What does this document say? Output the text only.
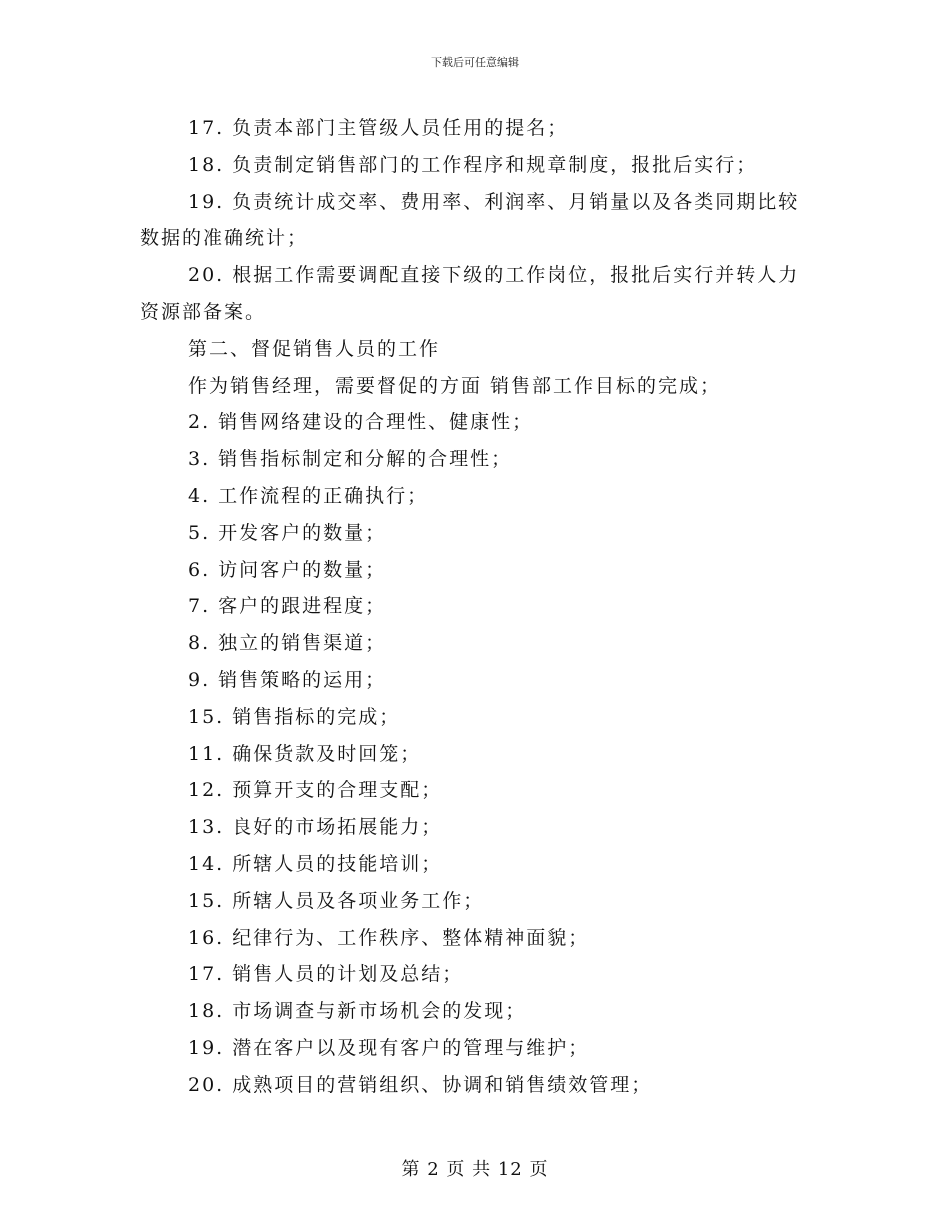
下载后可任意编辑

17. 负责本部门主管级人员任用的提名；

18. 负责制定销售部门的工作程序和规章制度，报批后实行；

19. 负责统计成交率、费用率、利润率、月销量以及各类同期比较数据的准确统计；

20. 根据工作需要调配直接下级的工作岗位，报批后实行并转人力资源部备案。

第二、督促销售人员的工作

作为销售经理，需要督促的方面 销售部工作目标的完成；

2. 销售网络建设的合理性、健康性；

3. 销售指标制定和分解的合理性；

4. 工作流程的正确执行；

5. 开发客户的数量；

6. 访问客户的数量；

7. 客户的跟进程度；

8. 独立的销售渠道；

9. 销售策略的运用；

15. 销售指标的完成；

11. 确保货款及时回笼；

12. 预算开支的合理支配；

13. 良好的市场拓展能力；

14. 所辖人员的技能培训；

15. 所辖人员及各项业务工作；

16. 纪律行为、工作秩序、整体精神面貌；

17. 销售人员的计划及总结；

18. 市场调查与新市场机会的发现；

19. 潜在客户以及现有客户的管理与维护；

20. 成熟项目的营销组织、协调和销售绩效管理；

第 2 页 共 12 页
